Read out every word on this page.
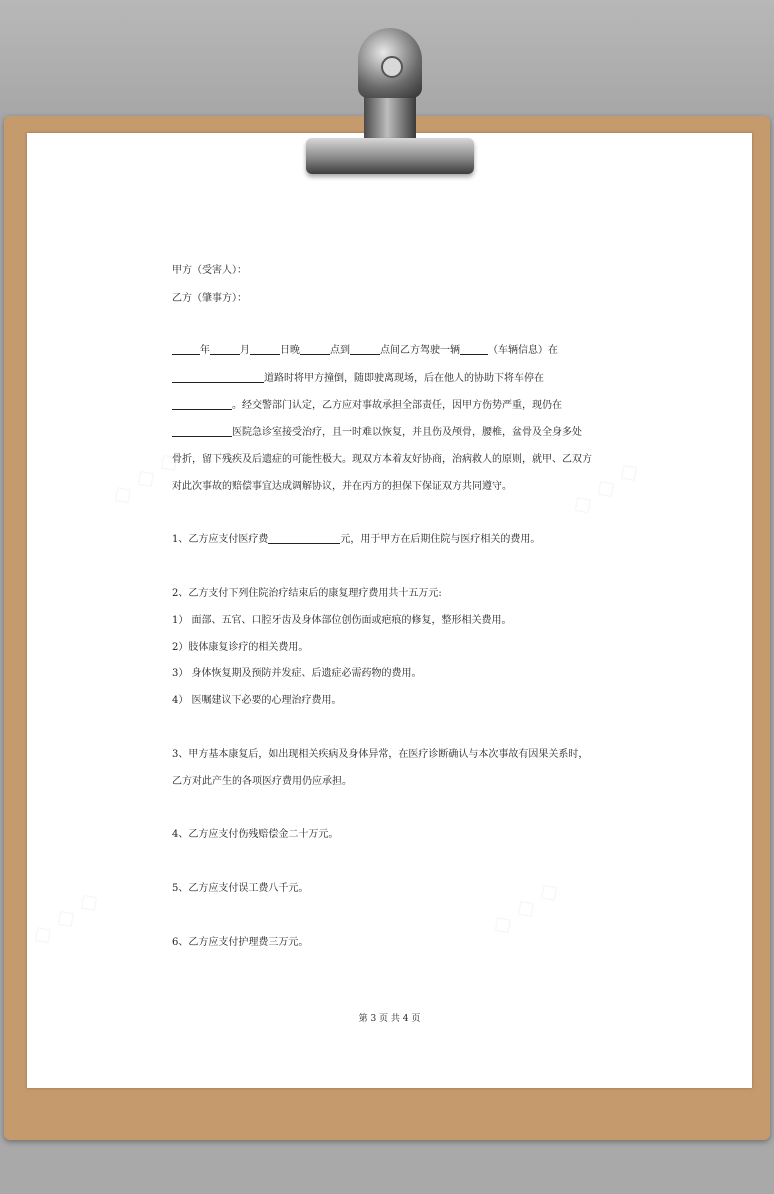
◇ ◇ ◇	◇ ◇ ◇
◇ ◇ ◇	◇ ◇ ◇
甲方（受害人）：
乙方（肇事方）：
年	月	日晚	点到	点间乙方驾驶一辆	（车辆信息）在
道路时将甲方撞倒，随即驶离现场，后在他人的协助下将车停在
。经交警部门认定，乙方应对事故承担全部责任，因甲方伤势严重，现仍在
医院急诊室接受治疗，且一时难以恢复，并且伤及颅骨，腰椎，盆骨及全身多处
骨折，留下残疾及后遗症的可能性极大。现双方本着友好协商，治病救人的原则，就甲、乙双方
对此次事故的赔偿事宜达成调解协议，并在丙方的担保下保证双方共同遵守。
1、乙方应支付医疗费	元，用于甲方在后期住院与医疗相关的费用。
2、乙方支付下列住院治疗结束后的康复理疗费用共十五万元:
1） 面部、五官、口腔牙齿及身体部位创伤面或疤痕的修复，整形相关费用。
2）肢体康复诊疗的相关费用。
3） 身体恢复期及预防并发症、后遗症必需药物的费用。
4） 医嘱建议下必要的心理治疗费用。
3、甲方基本康复后，如出现相关疾病及身体异常，在医疗诊断确认与本次事故有因果关系时，
乙方对此产生的各项医疗费用仍应承担。
4、乙方应支付伤残赔偿金二十万元。
5、乙方应支付误工费八千元。
6、乙方应支付护理费三万元。
第 3 页 共 4 页
